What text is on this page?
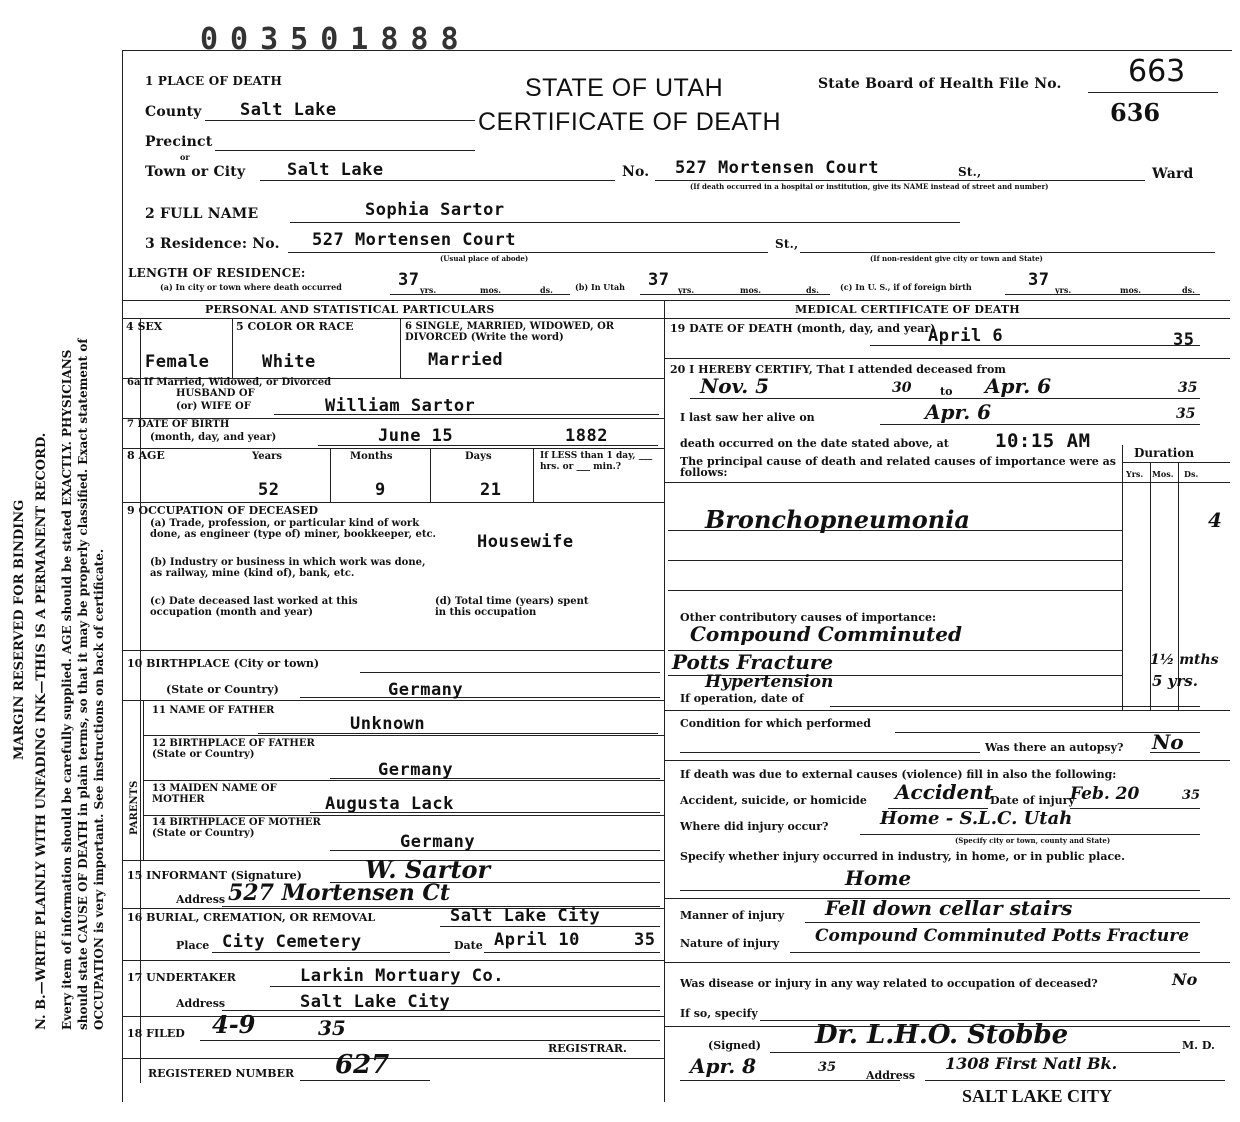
MARGIN RESERVED FOR BINDING N. B.—WRITE PLAINLY WITH UNFADING INK—THIS IS A PERMANENT RECORD. Every item of information should be carefully supplied. AGE should be stated EXACTLY. PHYSICIANS should state CAUSE OF DEATH in plain terms, so that it may be properly classified. Exact statement of OCCUPATION is very important. See instructions on back of certificate.
003501888
1 PLACE OF DEATH	STATE OF UTAH
CERTIFICATE OF DEATH
State Board of Health File No. 663
636
County Salt Lake
Precinct
or
Town or City Salt Lake	No. 527 Mortensen Court	St.,	Ward
(If death occurred in a hospital or institution, give its NAME instead of street and number)
2 FULL NAME	Sophia Sartor
3 Residence: No. 527 Mortensen Court	St.,
(Usual place of abode)	(If non-resident give city or town and State)
LENGTH OF RESIDENCE:
(a) In city or town where death occurred	37 yrs.	mos.	ds.	(b) In Utah 37 yrs.	mos.	ds.	(c) In U. S., if of foreign birth	37 yrs.	mos.	ds.
PERSONAL AND STATISTICAL PARTICULARS	MEDICAL CERTIFICATE OF DEATH
4 SEX	5 COLOR OR RACE	6 SINGLE, MARRIED, WIDOWED, OR DIVORCED (Write the word)
Female	White	Married
6a If Married, Widowed, or Divorced
HUSBAND OF
(or) WIFE OF	William Sartor
7 DATE OF BIRTH
(month, day, and year)	June 15	1882
8 AGE	Years	Months	Days	If LESS than 1 day, ___ hrs. or ___ min.?
52	9	21
9 OCCUPATION OF DECEASED
(a) Trade, profession, or particular kind of work done, as engineer (type of) miner, bookkeeper, etc.	Housewife
(b) Industry or business in which work was done, as railway, mine (kind of), bank, etc.
(c) Date deceased last worked at this occupation (month and year)
(d) Total time (years) spent in this occupation
10 BIRTHPLACE (City or town)
(State or Country)	Germany
PARENTS
11 NAME OF FATHER
Unknown
12 BIRTHPLACE OF FATHER (State or Country)
Germany
13 MAIDEN NAME OF MOTHER	Augusta Lack
14 BIRTHPLACE OF MOTHER (State or Country)	Germany
15 INFORMANT (Signature)	W. Sartor
Address 527 Mortensen Ct
16 BURIAL, CREMATION, OR REMOVAL	Salt Lake City
Place City Cemetery	Date April 10	35
17 UNDERTAKER	Larkin Mortuary Co.
Address	Salt Lake City
18 FILED 4-9	35
REGISTRAR.
REGISTERED NUMBER 627
19 DATE OF DEATH (month, day, and year)
April 6	35
20 I HEREBY CERTIFY, That I attended deceased from
Nov. 5	30	to Apr. 6	35
I last saw her alive on	Apr. 6	35
death occurred on the date stated above, at 10:15 AM
The principal cause of death and related causes of importance were as follows:
Duration
Yrs. Mos. Ds.
Bronchopneumonia	4
Other contributory causes of importance:
Compound Comminuted
Potts Fracture	1½ mths
Hypertension	5 yrs.
If operation, date of
Condition for which performed
Was there an autopsy? No
If death was due to external causes (violence) fill in also the following:
Accident, suicide, or homicide Accident
Date of injury
Feb. 20	35
Where did injury occur?	Home - S.L.C. Utah
(Specify city or town, county and State)
Specify whether injury occurred in industry, in home, or in public place.
Home
Manner of injury Fell down cellar stairs
Nature of injury Compound Comminuted Potts Fracture
Was disease or injury in any way related to occupation of deceased?	No
If so, specify
(Signed) Dr. L.H.O. Stobbe	M. D.
Apr. 8	35
Address
1308 First Natl Bk.
SALT LAKE CITY
